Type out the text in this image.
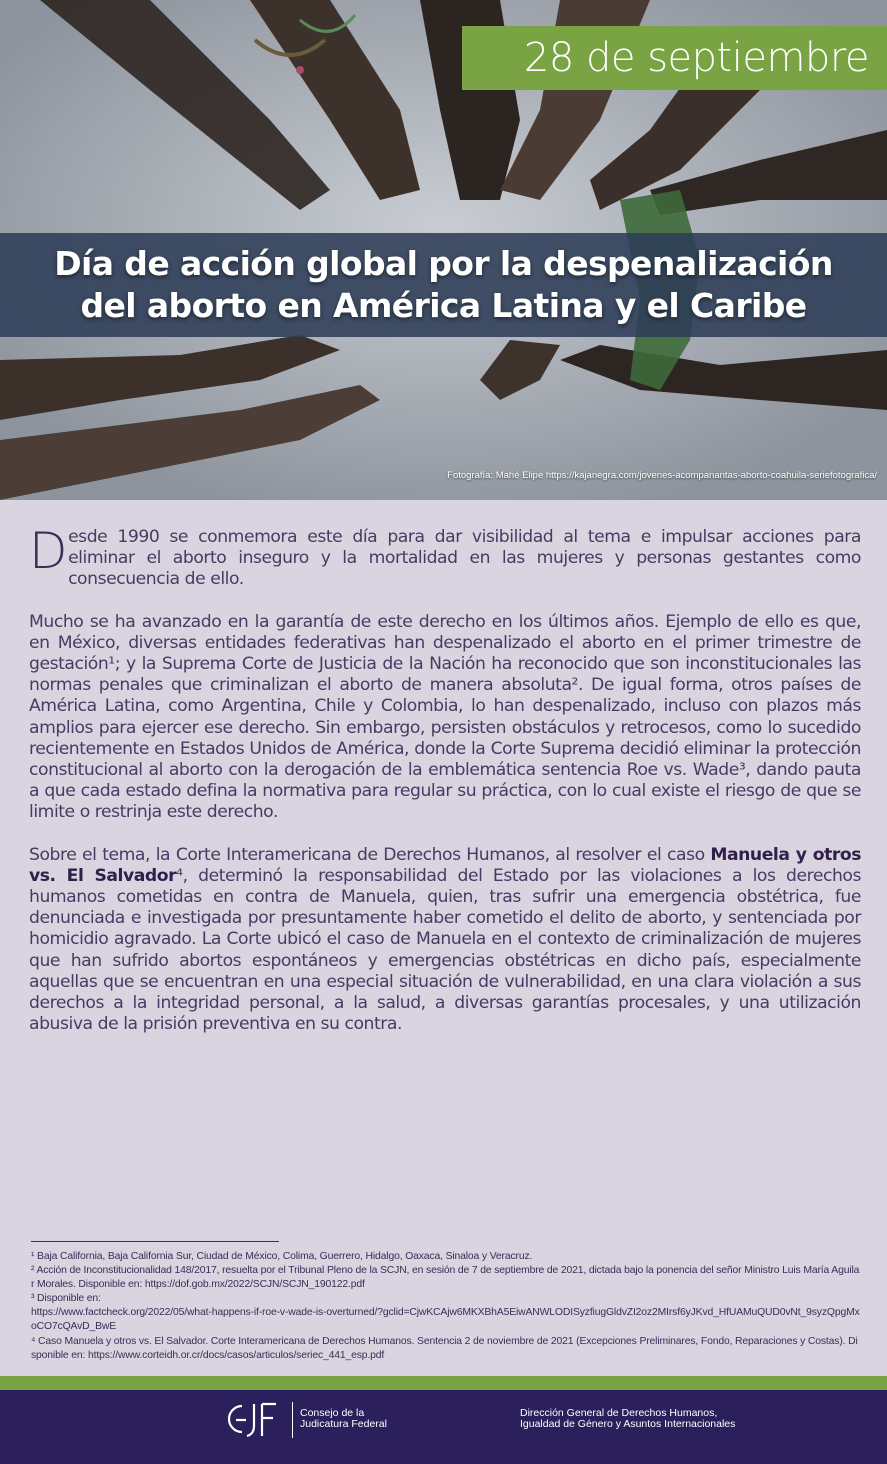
28 de septiembre
Día de acción global por la despenalización
del aborto en América Latina y el Caribe
Fotografía: Mahé Elipe https://kajanegra.com/jovenes-acompanantas-aborto-coahuila-seriefotografica/

Desde 1990 se conmemora este día para dar visibilidad al tema e impulsar acciones para eliminar el aborto inseguro y la mortalidad en las mujeres y personas gestantes como consecuencia de ello.

Mucho se ha avanzado en la garantía de este derecho en los últimos años. Ejemplo de ello es que, en México, diversas entidades federativas han despenalizado el aborto en el primer trimestre de gestación¹; y la Suprema Corte de Justicia de la Nación ha reconocido que son inconstitucionales las normas penales que criminalizan el aborto de manera absoluta². De igual forma, otros países de América Latina, como Argentina, Chile y Colombia, lo han despenalizado, incluso con plazos más amplios para ejercer ese derecho. Sin embargo, persisten obstáculos y retrocesos, como lo sucedido recientemente en Estados Unidos de América, donde la Corte Suprema decidió eliminar la protección constitucional al aborto con la derogación de la emblemática sentencia Roe vs. Wade³, dando pauta a que cada estado defina la normativa para regular su práctica, con lo cual existe el riesgo de que se limite o restrinja este derecho.

Sobre el tema, la Corte Interamericana de Derechos Humanos, al resolver el caso Manuela y otros vs. El Salvador⁴, determinó la responsabilidad del Estado por las violaciones a los derechos humanos cometidas en contra de Manuela, quien, tras sufrir una emergencia obstétrica, fue denunciada e investigada por presuntamente haber cometido el delito de aborto, y sentenciada por homicidio agravado. La Corte ubicó el caso de Manuela en el contexto de criminalización de mujeres que han sufrido abortos espontáneos y emergencias obstétricas en dicho país, especialmente aquellas que se encuentran en una especial situación de vulnerabilidad, en una clara violación a sus derechos a la integridad personal, a la salud, a diversas garantías procesales, y una utilización abusiva de la prisión preventiva en su contra.

¹ Baja California, Baja California Sur, Ciudad de México, Colima, Guerrero, Hidalgo, Oaxaca, Sinaloa y Veracruz.
² Acción de Inconstitucionalidad 148/2017, resuelta por el Tribunal Pleno de la SCJN, en sesión de 7 de septiembre de 2021, dictada bajo la ponencia del señor Ministro Luis María Aguilar Morales. Disponible en: https://dof.gob.mx/2022/SCJN/SCJN_190122.pdf
³ Disponible en:
https://www.factcheck.org/2022/05/what-happens-if-roe-v-wade-is-overturned/?gclid=CjwKCAjw6MKXBhA5EiwANWLODISyzfiugGldvZI2oz2MIrsf6yJKvd_HfUAMuQUD0vNt_9syzQpgMxoCO7cQAvD_BwE
⁴ Caso Manuela y otros vs. El Salvador. Corte Interamericana de Derechos Humanos. Sentencia 2 de noviembre de 2021 (Excepciones Preliminares, Fondo, Reparaciones y Costas). Disponible en: https://www.corteidh.or.cr/docs/casos/articulos/seriec_441_esp.pdf
Consejo de la
Judicatura Federal
Dirección General de Derechos Humanos,
Igualdad de Género y Asuntos Internacionales
